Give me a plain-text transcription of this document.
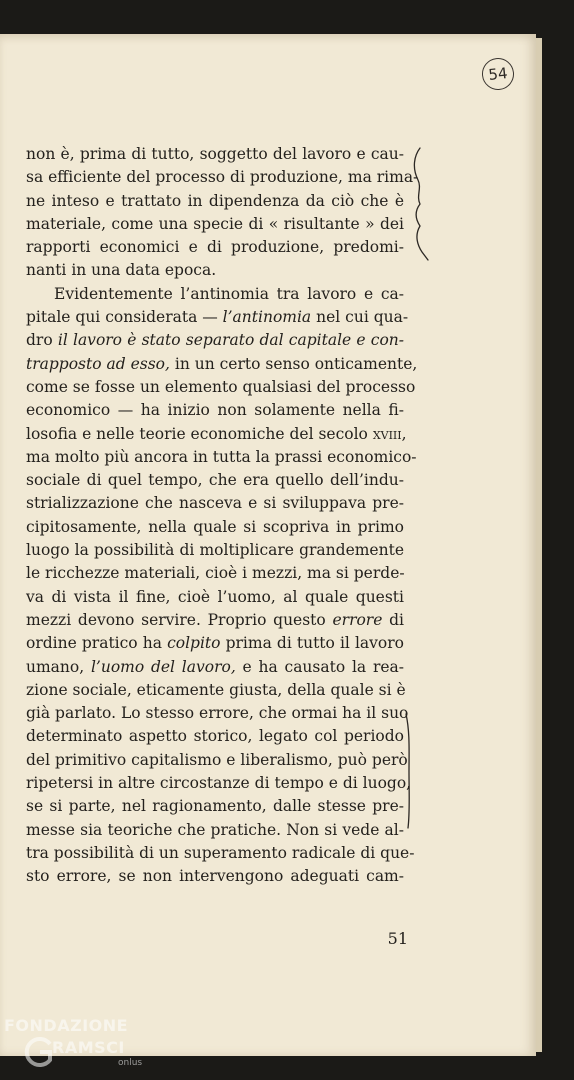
54
non è, prima di tutto, soggetto del lavoro e cau-
sa efficiente del processo di produzione, ma rima-
ne inteso e trattato in dipendenza da ciò che è
materiale, come una specie di « risultante » dei
rapporti economici e di produzione, predomi-
nanti in una data epoca.
Evidentemente l’antinomia tra lavoro e ca-
pitale qui considerata — l’antinomia nel cui qua-
dro il lavoro è stato separato dal capitale e con-
trapposto ad esso, in un certo senso onticamente,
come se fosse un elemento qualsiasi del processo
economico — ha inizio non solamente nella fi-
losofia e nelle teorie economiche del secolo xviii,
ma molto più ancora in tutta la prassi economico-
sociale di quel tempo, che era quello dell’indu-
strializzazione che nasceva e si sviluppava pre-
cipitosamente, nella quale si scopriva in primo
luogo la possibilità di moltiplicare grandemente
le ricchezze materiali, cioè i mezzi, ma si perde-
va di vista il fine, cioè l’uomo, al quale questi
mezzi devono servire. Proprio questo errore di
ordine pratico ha colpito prima di tutto il lavoro
umano, l’uomo del lavoro, e ha causato la rea-
zione sociale, eticamente giusta, della quale si è
già parlato. Lo stesso errore, che ormai ha il suo
determinato aspetto storico, legato col periodo
del primitivo capitalismo e liberalismo, può però
ripetersi in altre circostanze di tempo e di luogo,
se si parte, nel ragionamento, dalle stesse pre-
messe sia teoriche che pratiche. Non si vede al-
tra possibilità di un superamento radicale di que-
sto errore, se non intervengono adeguati cam-
51
FONDAZIONE
RAMSCI
onlus
